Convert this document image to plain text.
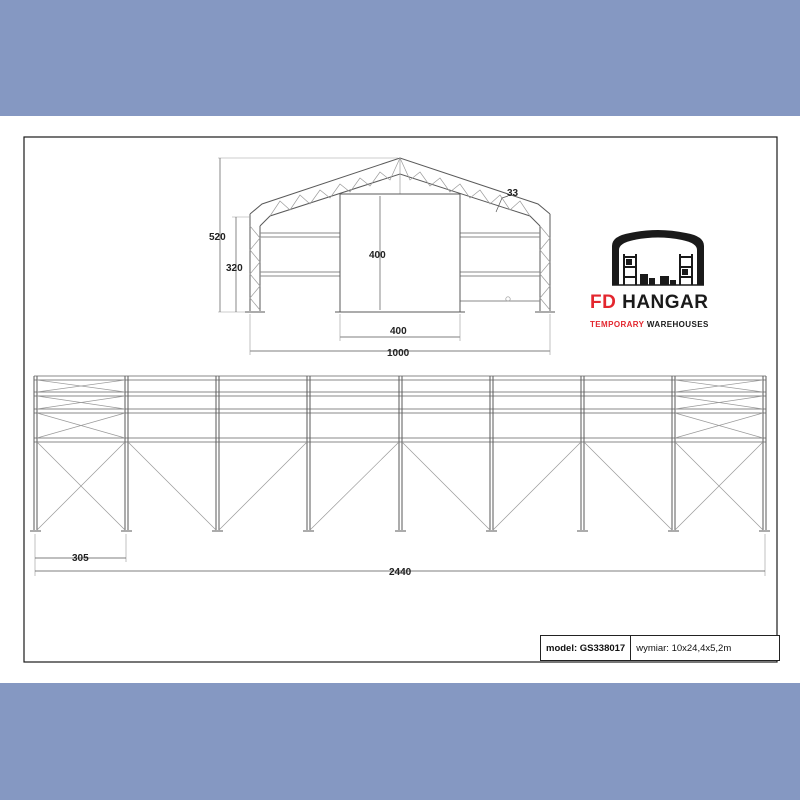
520
320
400
400
1000
33
305
2440
FD HANGAR
TEMPORARY WAREHOUSES
model: GS338017	wymiar: 10x24,4x5,2m
